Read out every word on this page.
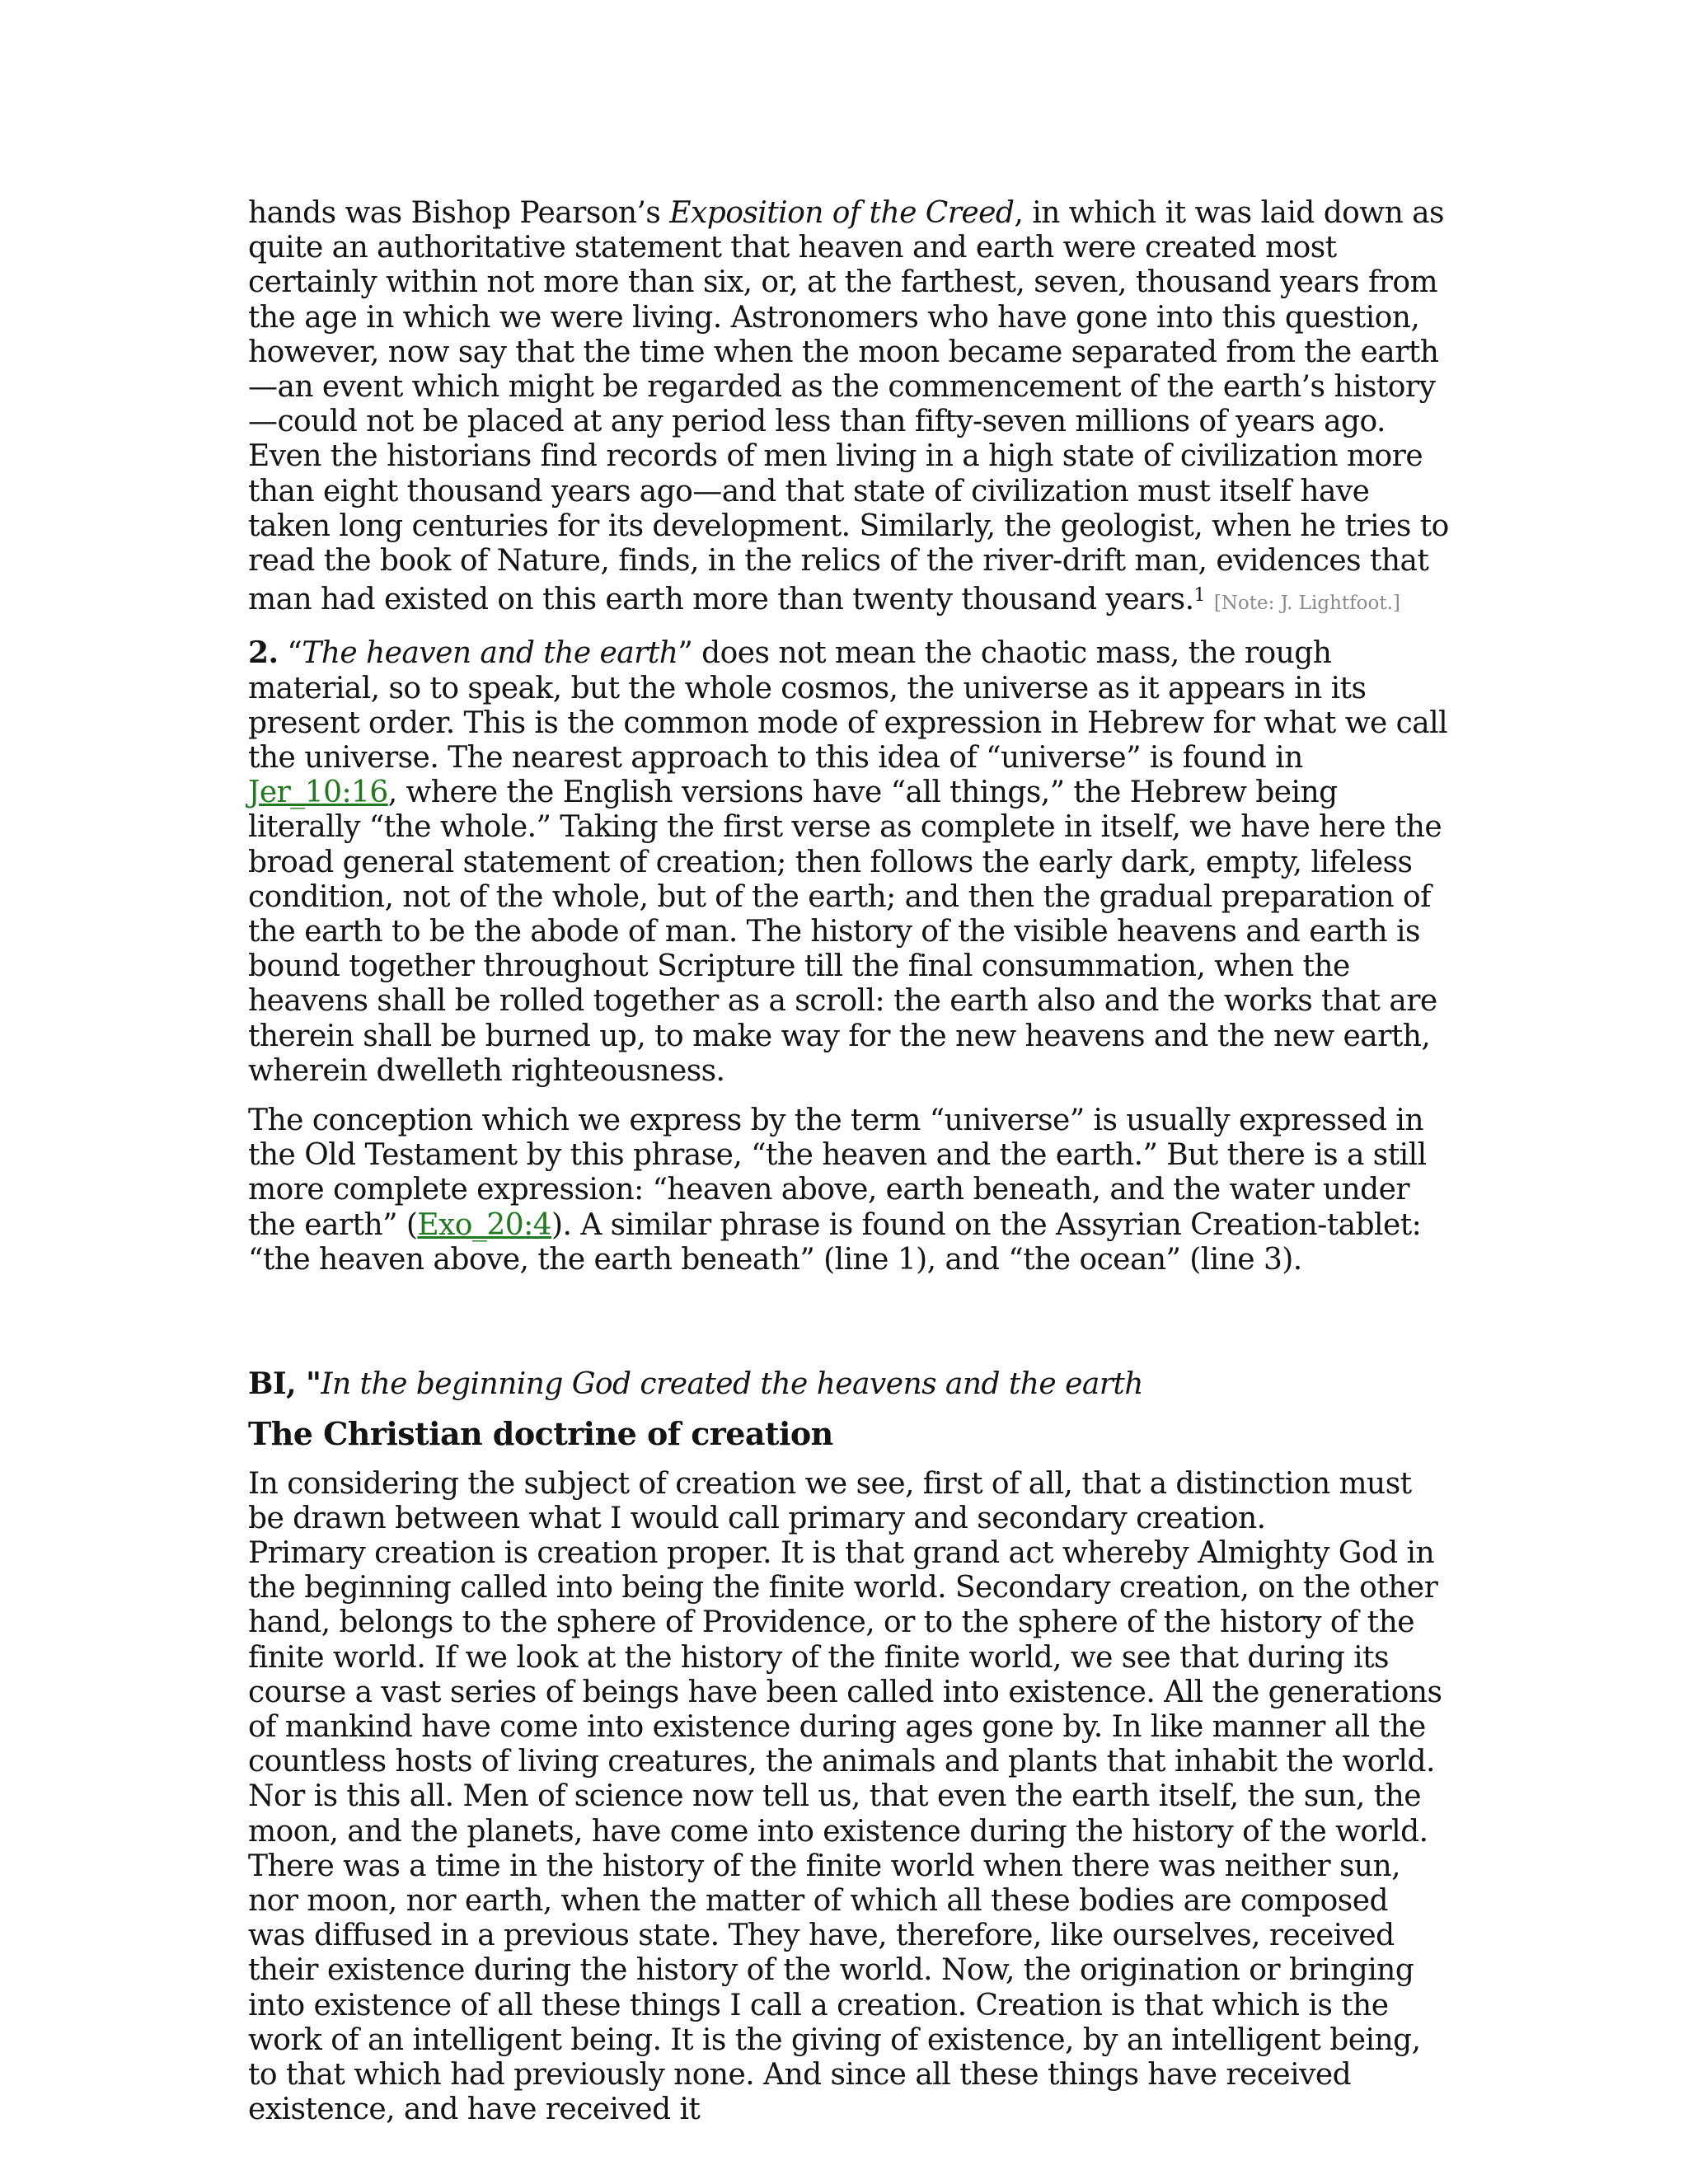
hands was Bishop Pearson’s Exposition of the Creed, in which it was laid down as quite an authoritative statement that heaven and earth were created most certainly within not more than six, or, at the farthest, seven, thousand years from the age in which we were living. Astronomers who have gone into this question, however, now say that the time when the moon became separated from the earth—an event which might be regarded as the commencement of the earth’s history—could not be placed at any period less than fifty-seven millions of years ago. Even the historians find records of men living in a high state of civilization more than eight thousand years ago—and that state of civilization must itself have taken long centuries for its development. Similarly, the geologist, when he tries to read the book of Nature, finds, in the relics of the river-drift man, evidences that man had existed on this earth more than twenty thousand years.$^1$ [Note: J. Lightfoot.]

2. “The heaven and the earth” does not mean the chaotic mass, the rough material, so to speak, but the whole cosmos, the universe as it appears in its present order. This is the common mode of expression in Hebrew for what we call the universe. The nearest approach to this idea of “universe” is found in Jer_10:16, where the English versions have “all things,” the Hebrew being literally “the whole.” Taking the first verse as complete in itself, we have here the broad general statement of creation; then follows the early dark, empty, lifeless condition, not of the whole, but of the earth; and then the gradual preparation of the earth to be the abode of man. The history of the visible heavens and earth is bound together throughout Scripture till the final consummation, when the heavens shall be rolled together as a scroll: the earth also and the works that are therein shall be burned up, to make way for the new heavens and the new earth, wherein dwelleth righteousness.

The conception which we express by the term “universe” is usually expressed in the Old Testament by this phrase, “the heaven and the earth.” But there is a still more complete expression: “heaven above, earth beneath, and the water under the earth” (Exo_20:4). A similar phrase is found on the Assyrian Creation-tablet: “the heaven above, the earth beneath” (line 1), and “the ocean” (line 3).

BI, "In the beginning God created the heavens and the earth

The Christian doctrine of creation

In considering the subject of creation we see, first of all, that a distinction must be drawn between what I would call primary and secondary creation.

Primary creation is creation proper. It is that grand act whereby Almighty God in the beginning called into being the finite world. Secondary creation, on the other hand, belongs to the sphere of Providence, or to the sphere of the history of the finite world. If we look at the history of the finite world, we see that during its course a vast series of beings have been called into existence. All the generations of mankind have come into existence during ages gone by. In like manner all the countless hosts of living creatures, the animals and plants that inhabit the world. Nor is this all. Men of science now tell us, that even the earth itself, the sun, the moon, and the planets, have come into existence during the history of the world. There was a time in the history of the finite world when there was neither sun, nor moon, nor earth, when the matter of which all these bodies are composed was diffused in a previous state. They have, therefore, like ourselves, received their existence during the history of the world. Now, the origination or bringing into existence of all these things I call a creation. Creation is that which is the work of an intelligent being. It is the giving of existence, by an intelligent being, to that which had previously none. And since all these things have received existence, and have received it
